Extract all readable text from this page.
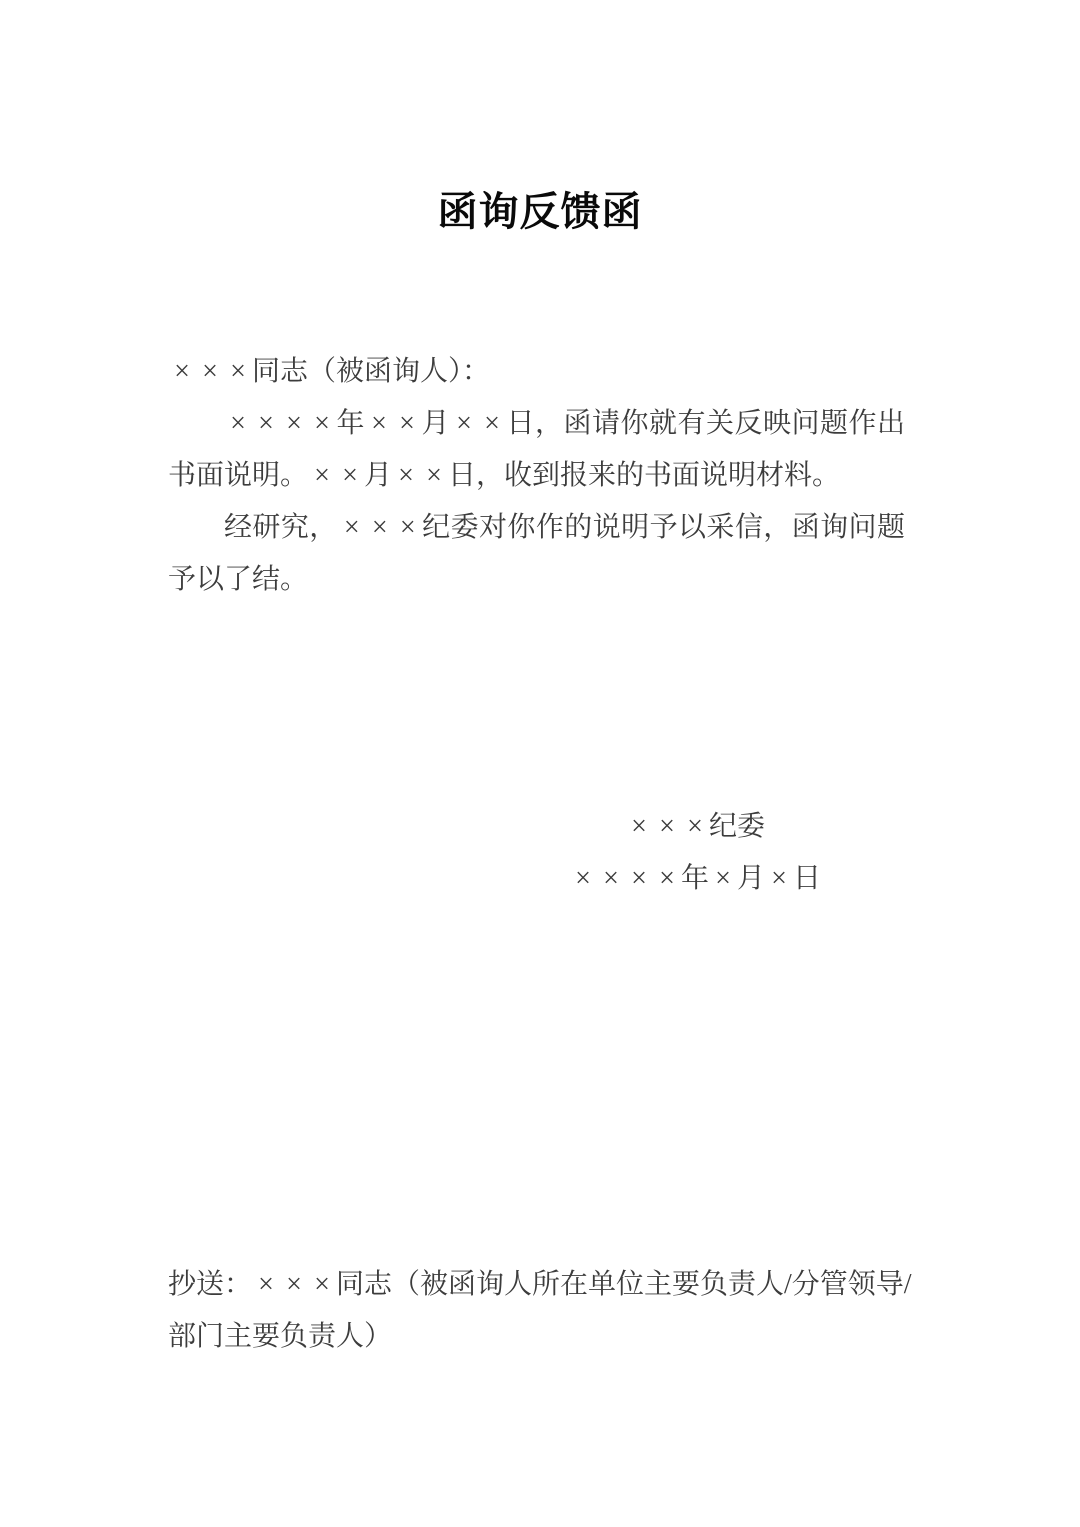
函询反馈函

× × × 同志（被函询人）：

× × × × 年 × × 月 × × 日，函请你就有关反映问题作出书面说明。 × × 月 × × 日，收到报来的书面说明材料。

经研究， × × × 纪委对你作的说明予以采信，函询问题予以了结。

× × × 纪委
× × × × 年 × 月 × 日
抄送： × × × 同志（被函询人所在单位主要负责人/分管领导/
部门主要负责人）
